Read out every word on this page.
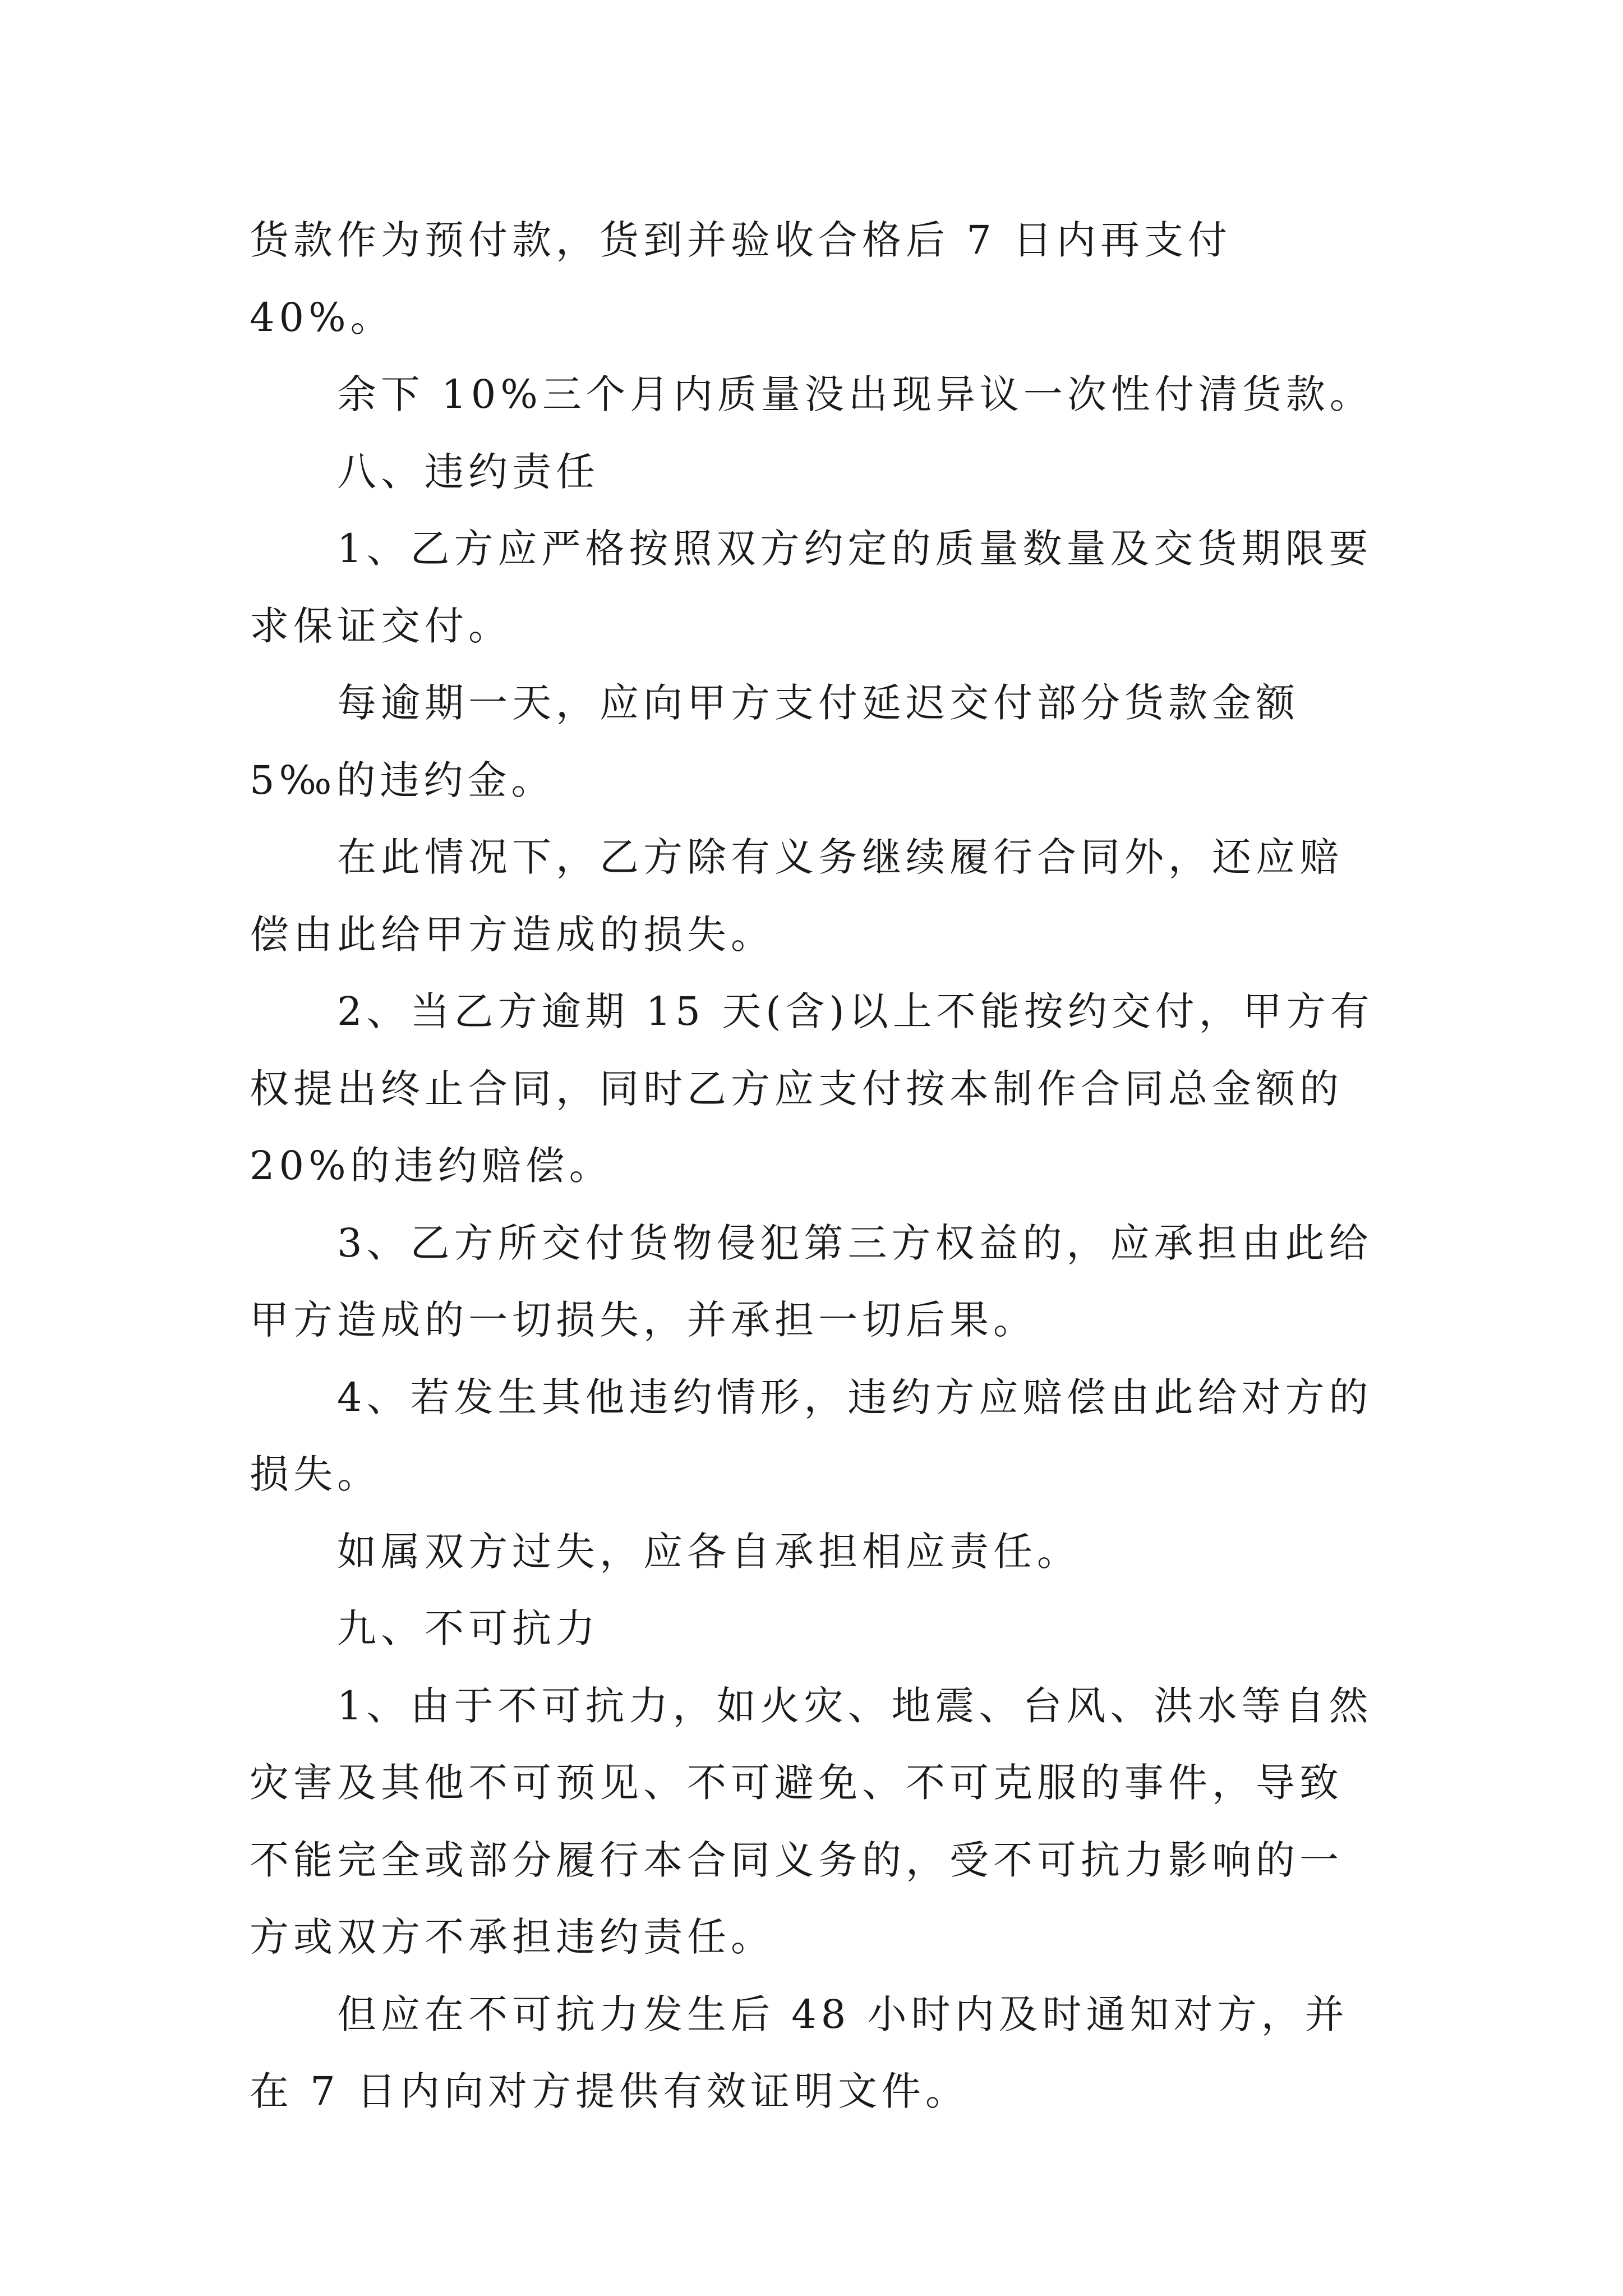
货款作为预付款，货到并验收合格后 7 日内再支付 40%。

余下 10%三个月内质量没出现异议一次性付清货款。

八、违约责任

1、乙方应严格按照双方约定的质量数量及交货期限要求保证交付。

每逾期一天，应向甲方支付延迟交付部分货款金额 5‰的违约金。

在此情况下，乙方除有义务继续履行合同外，还应赔偿由此给甲方造成的损失。

2、当乙方逾期 15 天(含)以上不能按约交付，甲方有权提出终止合同，同时乙方应支付按本制作合同总金额的 20%的违约赔偿。

3、乙方所交付货物侵犯第三方权益的，应承担由此给甲方造成的一切损失，并承担一切后果。

4、若发生其他违约情形，违约方应赔偿由此给对方的损失。

如属双方过失，应各自承担相应责任。

九、不可抗力

1、由于不可抗力，如火灾、地震、台风、洪水等自然灾害及其他不可预见、不可避免、不可克服的事件，导致不能完全或部分履行本合同义务的，受不可抗力影响的一方或双方不承担违约责任。

但应在不可抗力发生后 48 小时内及时通知对方，并在 7 日内向对方提供有效证明文件。
